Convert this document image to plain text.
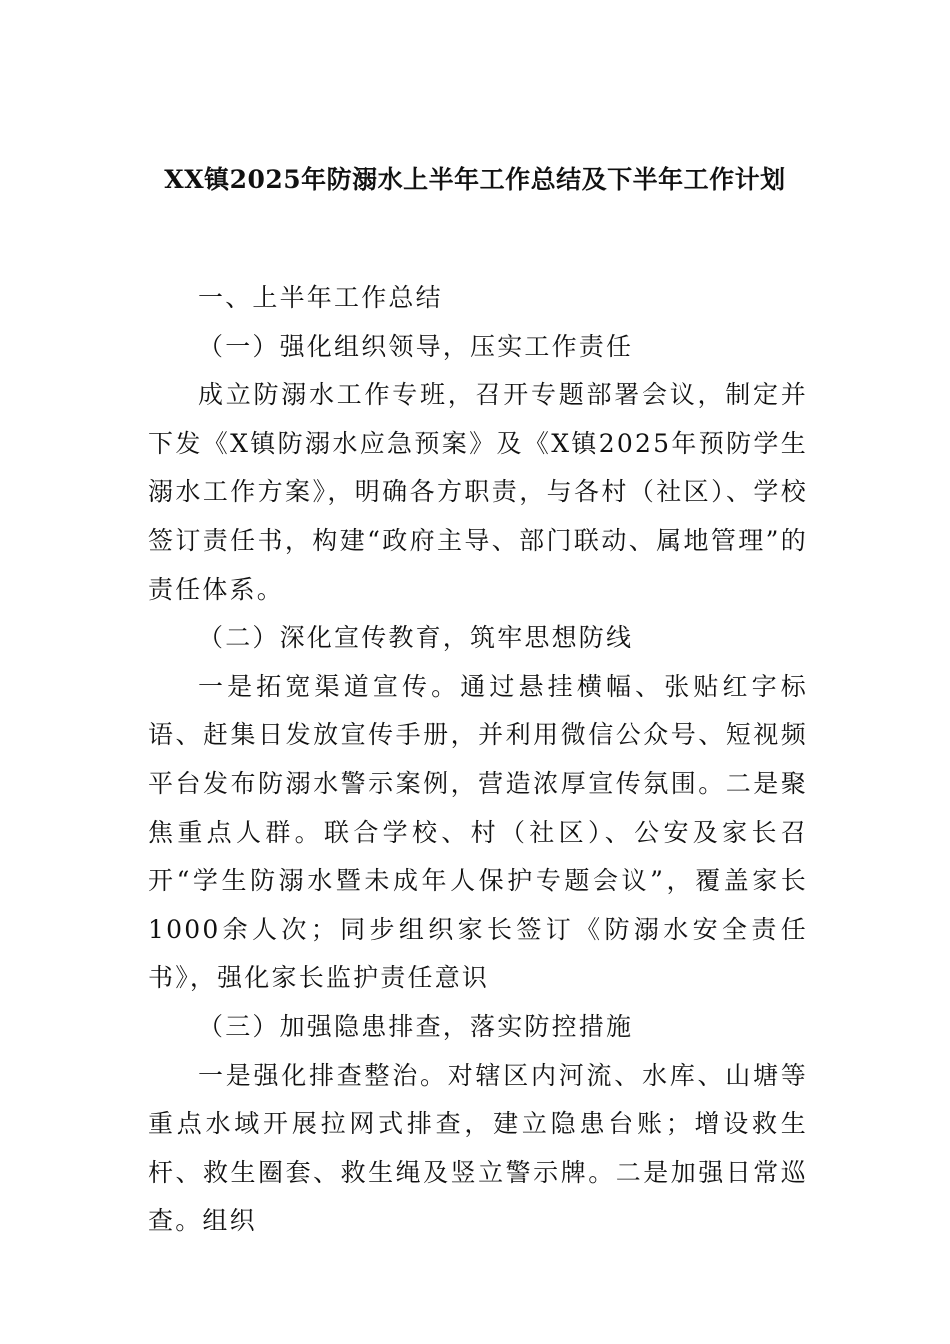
XX镇2025年防溺水上半年工作总结及下半年工作计划

一、上半年工作总结

（一）强化组织领导，压实工作责任

成立防溺水工作专班，召开专题部署会议，制定并下发《X镇防溺水应急预案》及《X镇2025年预防学生溺水工作方案》，明确各方职责，与各村（社区）、学校签订责任书，构建“政府主导、部门联动、属地管理”的责任体系。

（二）深化宣传教育，筑牢思想防线

一是拓宽渠道宣传。通过悬挂横幅、张贴红字标语、赶集日发放宣传手册，并利用微信公众号、短视频平台发布防溺水警示案例，营造浓厚宣传氛围。二是聚焦重点人群。联合学校、村（社区）、公安及家长召开“学生防溺水暨未成年人保护专题会议”，覆盖家长1000余人次；同步组织家长签订《防溺水安全责任书》，强化家长监护责任意识

（三）加强隐患排查，落实防控措施

一是强化排查整治。对辖区内河流、水库、山塘等重点水域开展拉网式排查，建立隐患台账；增设救生杆、救生圈套、救生绳及竖立警示牌。二是加强日常巡查。组织
